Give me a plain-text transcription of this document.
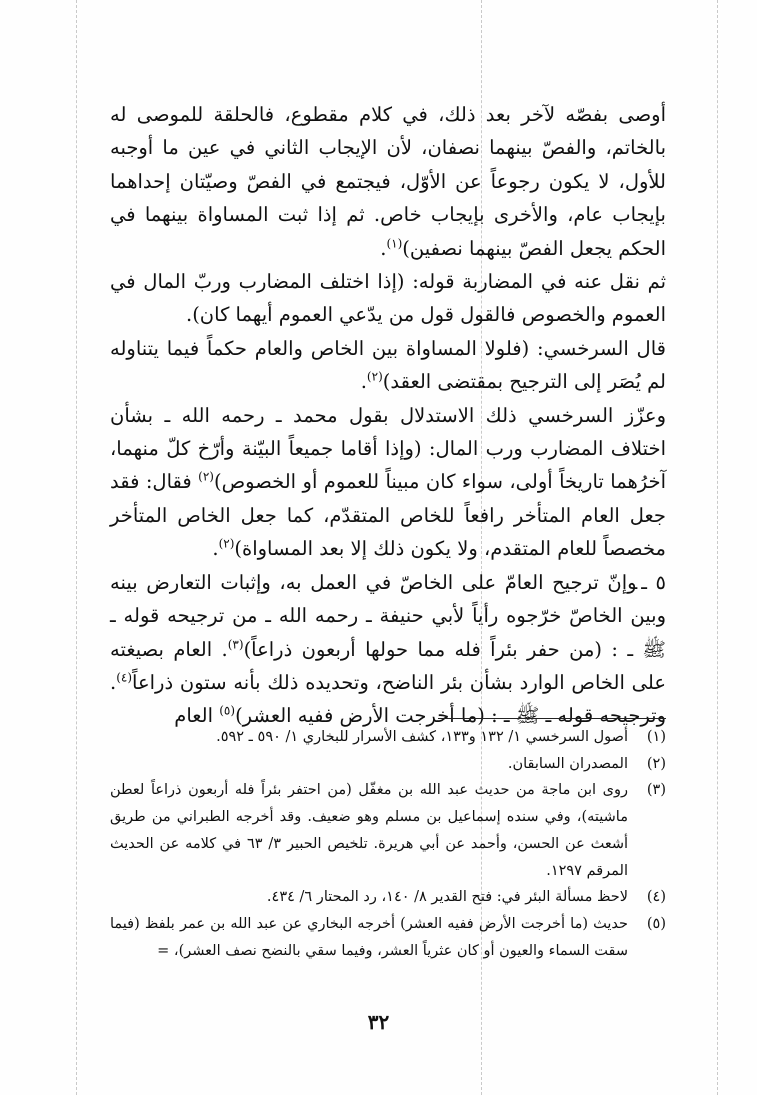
أوصى بفصّه لآخر بعد ذلك، في كلام مقطوع، فالحلقة للموصى له بالخاتم، والفصّ بينهما نصفان، لأن الإيجاب الثاني في عين ما أوجبه للأول، لا يكون رجوعاً عن الأوّل، فيجتمع في الفصّ وصيّتان إحداهما بإيجاب عام، والأخرى بإيجاب خاص. ثم إذا ثبت المساواة بينهما في الحكم يجعل الفصّ بينهما نصفين)$^{(١)}$.

ثم نقل عنه في المضاربة قوله: (إذا اختلف المضارب وربّ المال في العموم والخصوص فالقول قول من يدّعي العموم أيهما كان).

قال السرخسي: (فلولا المساواة بين الخاص والعام حكماً فيما يتناوله لم يُصَر إلى الترجيح بمقتضى العقد)$^{(٢)}$.

وعزّز السرخسي ذلك الاستدلال بقول محمد ـ رحمه الله ـ بشأن اختلاف المضارب ورب المال: (وإذا أقاما جميعاً البيّنة وأرّخ كلّ منهما، آخرُهما تاريخاً أولى، سواء كان مبيناً للعموم أو الخصوص)$^{(٢)}$ فقال: فقد جعل العام المتأخر رافعاً للخاص المتقدّم، كما جعل الخاص المتأخر مخصصاً للعام المتقدم، ولا يكون ذلك إلا بعد المساواة)$^{(٢)}$.

٥ ـوإنّ ترجيح العامّ على الخاصّ في العمل به، وإثبات التعارض بينه وبين الخاصّ خرّجوه رأياً لأبي حنيفة ـ رحمه الله ـ من ترجيحه قوله ـ ﷺ ـ : (من حفر بئراً فله مما حولها أربعون ذراعاً)$^{(٣)}$. العام بصيغته على الخاص الوارد بشأن بئر الناضح، وتحديده ذلك بأنه ستون ذراعاً$^{(٤)}$. وترجيحه قوله ـ ﷺ ـ : (ما أخرجت الأرض ففيه العشر)$^{(٥)}$ العام

(١)
أصول السرخسي ١/ ١٣٢ و١٣٣، كشف الأسرار للبخاري ١/ ٥٩٠ ـ ٥٩٢.
(٢)
المصدران السابقان.
(٣)
روى ابن ماجة من حديث عبد الله بن مغفّل (من احتفر بئراً فله أربعون ذراعاً لعطن ماشيته)، وفي سنده إسماعيل بن مسلم وهو ضعيف. وقد أخرجه الطبراني من طريق أشعث عن الحسن، وأحمد عن أبي هريرة. تلخيص الحبير ٣/ ٦٣ في كلامه عن الحديث المرقم ١٢٩٧.
(٤)
لاحظ مسألة البئر في: فتح القدير ٨/ ١٤٠، رد المحتار ٦/ ٤٣٤.
(٥)
حديث (ما أخرجت الأرض ففيه العشر) أخرجه البخاري عن عبد الله بن عمر بلفظ (فيما سقت السماء والعيون أو كان عثرياً العشر، وفيما سقي بالنضح نصف العشر)، =
٣٢
